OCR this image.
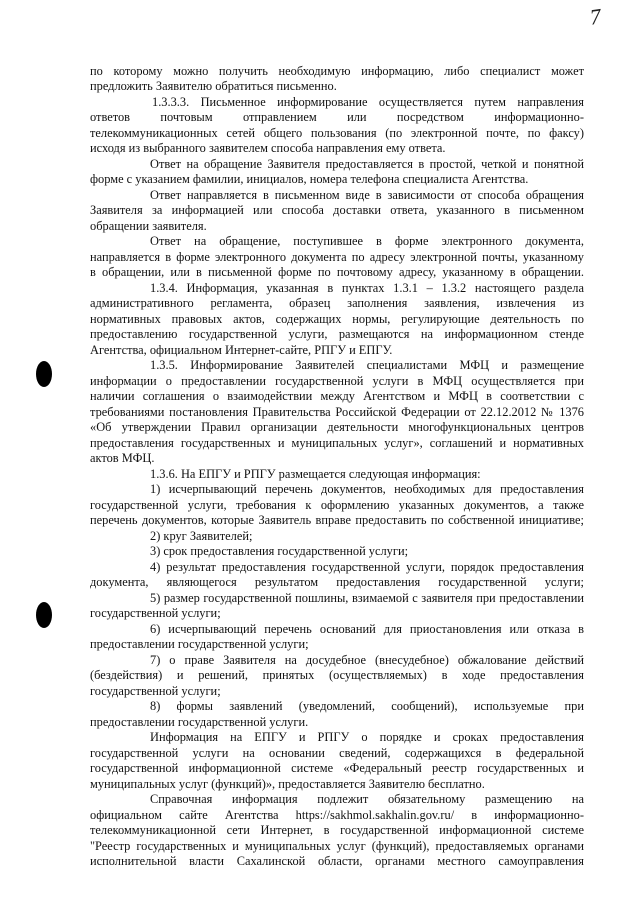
7
по которому можно получить необходимую информацию, либо специалист может
предложить Заявителю обратиться письменно.
1.3.3.3. Письменное информирование осуществляется путем направления
ответов почтовым отправлением или посредством информационно-
телекоммуникационных сетей общего пользования (по электронной почте, по факсу)
исходя из выбранного заявителем способа направления ему ответа.
Ответ на обращение Заявителя предоставляется в простой, четкой и понятной
форме с указанием фамилии, инициалов, номера телефона специалиста Агентства.
Ответ направляется в письменном виде в зависимости от способа обращения
Заявителя за информацией или способа доставки ответа, указанного в письменном
обращении заявителя.
Ответ на обращение, поступившее в форме электронного документа,
направляется в форме электронного документа по адресу электронной почты, указанному
в обращении, или в письменной форме по почтовому адресу, указанному в обращении.
1.3.4. Информация, указанная в пунктах 1.3.1 – 1.3.2 настоящего раздела
административного регламента, образец заполнения заявления, извлечения из
нормативных правовых актов, содержащих нормы, регулирующие деятельность по
предоставлению государственной услуги, размещаются на информационном стенде
Агентства, официальном Интернет-сайте, РПГУ и ЕПГУ.
1.3.5. Информирование Заявителей специалистами МФЦ и размещение
информации о предоставлении государственной услуги в МФЦ осуществляется при
наличии соглашения о взаимодействии между Агентством и МФЦ в соответствии с
требованиями постановления Правительства Российской Федерации от 22.12.2012 № 1376
«Об утверждении Правил организации деятельности многофункциональных центров
предоставления государственных и муниципальных услуг», соглашений и нормативных
актов МФЦ.
1.3.6. На ЕПГУ и РПГУ размещается следующая информация:
1) исчерпывающий перечень документов, необходимых для предоставления
государственной услуги, требования к оформлению указанных документов, а также
перечень документов, которые Заявитель вправе предоставить по собственной инициативе;
2) круг Заявителей;
3) срок предоставления государственной услуги;
4) результат предоставления государственной услуги, порядок предоставления
документа, являющегося результатом предоставления государственной услуги;
5) размер государственной пошлины, взимаемой с заявителя при предоставлении
государственной услуги;
6) исчерпывающий перечень оснований для приостановления или отказа в
предоставлении государственной услуги;
7) о праве Заявителя на досудебное (внесудебное) обжалование действий
(бездействия) и решений, принятых (осуществляемых) в ходе предоставления
государственной услуги;
8) формы заявлений (уведомлений, сообщений), используемые при
предоставлении государственной услуги.
Информация на ЕПГУ и РПГУ о порядке и сроках предоставления
государственной услуги на основании сведений, содержащихся в федеральной
государственной информационной системе «Федеральный реестр государственных и
муниципальных услуг (функций)», предоставляется Заявителю бесплатно.
Справочная информация подлежит обязательному размещению на
официальном сайте Агентства https://sakhmol.sakhalin.gov.ru/ в информационно-
телекоммуникационной сети Интернет, в государственной информационной системе
"Реестр государственных и муниципальных услуг (функций), предоставляемых органами
исполнительной власти Сахалинской области, органами местного самоуправления
